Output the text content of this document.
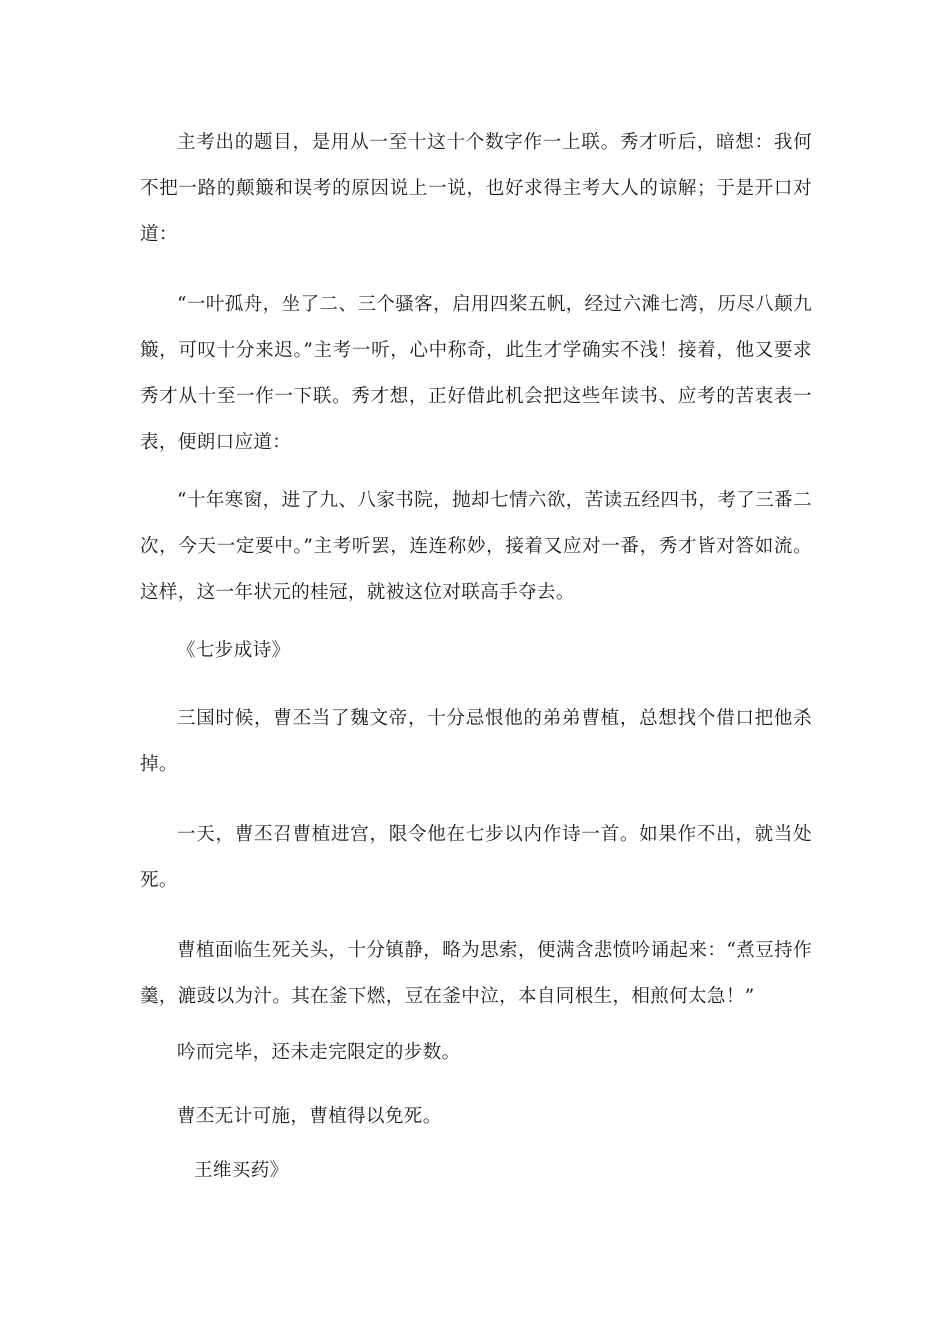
主考出的题目，是用从一至十这十个数字作一上联。秀才听后，暗想：我何不把一路的颠簸和误考的原因说上一说，也好求得主考大人的谅解；于是开口对道：

“一叶孤舟，坐了二、三个骚客，启用四桨五帆，经过六滩七湾，历尽八颠九簸，可叹十分来迟。”主考一听，心中称奇，此生才学确实不浅！接着，他又要求秀才从十至一作一下联。秀才想，正好借此机会把这些年读书、应考的苦衷表一表，便朗口应道：

“十年寒窗，进了九、八家书院，抛却七情六欲，苦读五经四书，考了三番二次，今天一定要中。”主考听罢，连连称妙，接着又应对一番，秀才皆对答如流。这样，这一年状元的桂冠，就被这位对联高手夺去。

《七步成诗》

三国时候，曹丕当了魏文帝，十分忌恨他的弟弟曹植，总想找个借口把他杀掉。

一天，曹丕召曹植进宫，限令他在七步以内作诗一首。如果作不出，就当处死。

曹植面临生死关头，十分镇静，略为思索，便满含悲愤吟诵起来：“煮豆持作羹，漉豉以为汁。其在釜下燃，豆在釜中泣，本自同根生，相煎何太急！”

吟而完毕，还未走完限定的步数。

曹丕无计可施，曹植得以免死。

王维买药》
